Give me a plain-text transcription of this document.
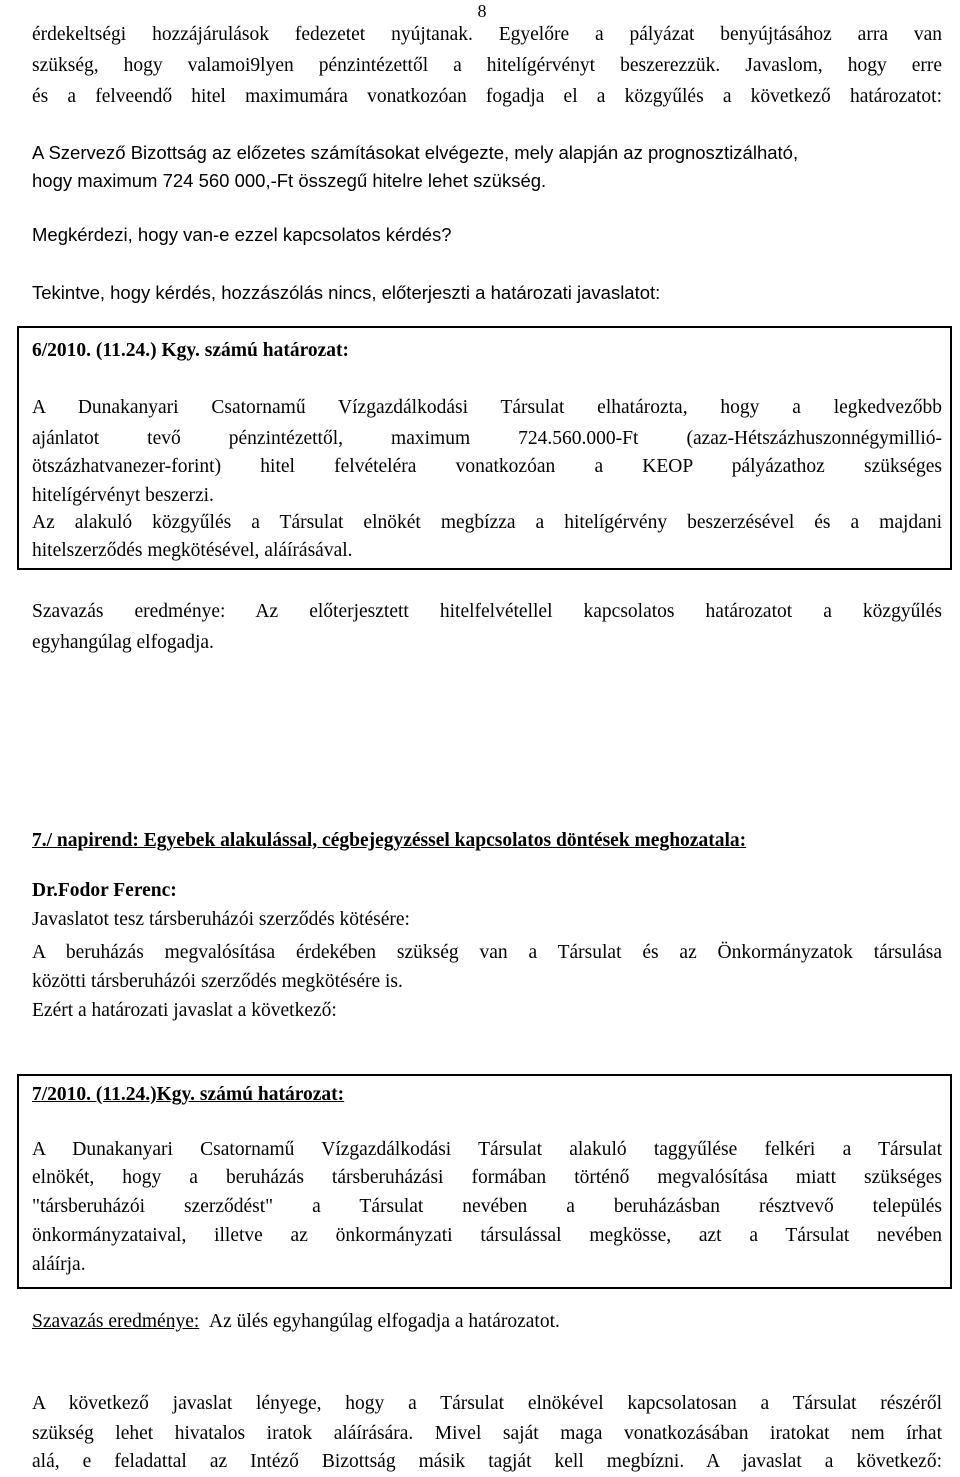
8
érdekeltségi hozzájárulások fedezetet nyújtanak. Egyelőre a pályázat benyújtásához arra van
szükség, hogy valamoi9lyen pénzintézettől a hitelígérvényt beszerezzük. Javaslom, hogy erre
és a felveendő hitel maximumára vonatkozóan fogadja el a közgyűlés a következő határozatot:
A Szervező Bizottság az előzetes számításokat elvégezte, mely alapján az prognosztizálható,
hogy maximum 724 560 000,-Ft összegű hitelre lehet szükség.
Megkérdezi, hogy van-e ezzel kapcsolatos kérdés?
Tekintve, hogy kérdés, hozzászólás nincs, előterjeszti a határozati javaslatot:
6/2010. (11.24.) Kgy. számú határozat:
A Dunakanyari Csatornamű Vízgazdálkodási Társulat elhatározta, hogy a legkedvezőbb
ajánlatot tevő pénzintézettől, maximum 724.560.000-Ft (azaz-Hétszázhuszonnégymillió-
ötszázhatvanezer-forint) hitel felvételéra vonatkozóan a KEOP pályázathoz szükséges
hitelígérvényt beszerzi.
Az alakuló közgyűlés a Társulat elnökét megbízza a hitelígérvény beszerzésével és a majdani
hitelszerződés megkötésével, aláírásával.
Szavazás eredménye: Az előterjesztett hitelfelvétellel kapcsolatos határozatot a közgyűlés
egyhangúlag elfogadja.
7./ napirend: Egyebek alakulással, cégbejegyzéssel kapcsolatos döntések meghozatala:
Dr.Fodor Ferenc:
Javaslatot tesz társberuházói szerződés kötésére:
A beruházás megvalósítása érdekében szükség van a Társulat és az Önkormányzatok társulása
közötti társberuházói szerződés megkötésére is.
Ezért a határozati javaslat a következő:
7/2010. (11.24.)Kgy. számú határozat:
A Dunakanyari Csatornamű Vízgazdálkodási Társulat alakuló taggyűlése felkéri a Társulat
elnökét, hogy a beruházás társberuházási formában történő megvalósítása miatt szükséges
"társberuházói szerződést" a Társulat nevében a beruházásban résztvevő település
önkormányzataival, illetve az önkormányzati társulással megkösse, azt a Társulat nevében
aláírja.
Szavazás eredménye: Az ülés egyhangúlag elfogadja a határozatot.
A következő javaslat lényege, hogy a Társulat elnökével kapcsolatosan a Társulat részéről
szükség lehet hivatalos iratok aláírására. Mivel saját maga vonatkozásában iratokat nem írhat
alá, e feladattal az Intéző Bizottság másik tagját kell megbízni. A javaslat a következő:
